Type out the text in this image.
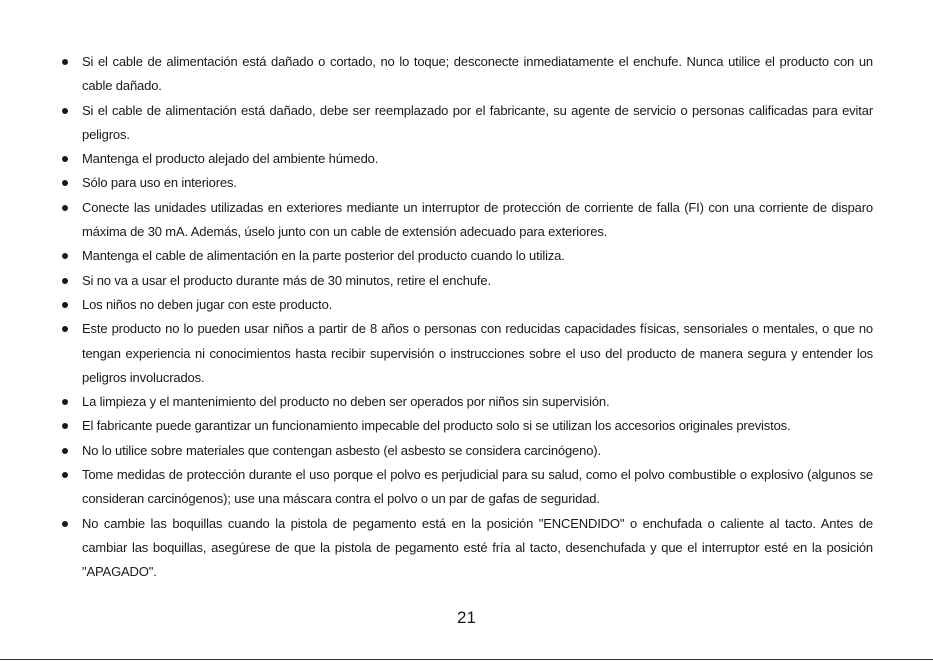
Si el cable de alimentación está dañado o cortado, no lo toque; desconecte inmediatamente el enchufe. Nunca utilice el producto con un cable dañado.
Si el cable de alimentación está dañado, debe ser reemplazado por el fabricante, su agente de servicio o personas calificadas para evitar peligros.
Mantenga el producto alejado del ambiente húmedo.
Sólo para uso en interiores.
Conecte las unidades utilizadas en exteriores mediante un interruptor de protección de corriente de falla (FI) con una corriente de disparo máxima de 30 mA. Además, úselo junto con un cable de extensión adecuado para exteriores.
Mantenga el cable de alimentación en la parte posterior del producto cuando lo utiliza.
Si no va a usar el producto durante más de 30 minutos, retire el enchufe.
Los niños no deben jugar con este producto.
Este producto no lo pueden usar niños a partir de 8 años o personas con reducidas capacidades físicas, sensoriales o mentales, o que no tengan experiencia ni conocimientos hasta recibir supervisión o instrucciones sobre el uso del producto de manera segura y entender los peligros involucrados.
La limpieza y el mantenimiento del producto no deben ser operados por niños sin supervisión.
El fabricante puede garantizar un funcionamiento impecable del producto solo si se utilizan los accesorios originales previstos.
No lo utilice sobre materiales que contengan asbesto (el asbesto se considera carcinógeno).
Tome medidas de protección durante el uso porque el polvo es perjudicial para su salud, como el polvo combustible o explosivo (algunos se consideran carcinógenos); use una máscara contra el polvo o un par de gafas de seguridad.
No cambie las boquillas cuando la pistola de pegamento está en la posición "ENCENDIDO" o enchufada o caliente al tacto. Antes de cambiar las boquillas, asegúrese de que la pistola de pegamento esté fría al tacto, desenchufada y que el interruptor esté en la posición "APAGADO".
21
